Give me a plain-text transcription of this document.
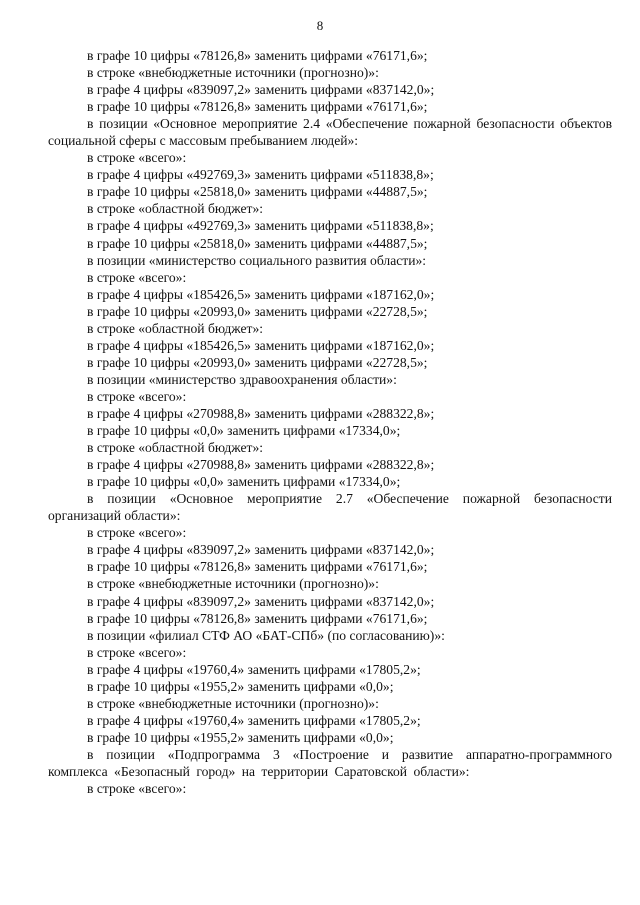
8

в графе 10 цифры «78126,8» заменить цифрами «76171,6»;

в строке «внебюджетные источники (прогнозно)»:

в графе 4 цифры «839097,2» заменить цифрами «837142,0»;

в графе 10 цифры «78126,8» заменить цифрами «76171,6»;

в позиции «Основное мероприятие 2.4 «Обеспечение пожарной безопасности объектов социальной сферы с массовым пребыванием людей»:

в строке «всего»:

в графе 4 цифры «492769,3» заменить цифрами «511838,8»;

в графе 10 цифры «25818,0» заменить цифрами «44887,5»;

в строке «областной бюджет»:

в графе 4 цифры «492769,3» заменить цифрами «511838,8»;

в графе 10 цифры «25818,0» заменить цифрами «44887,5»;

в позиции «министерство социального развития области»:

в строке «всего»:

в графе 4 цифры «185426,5» заменить цифрами «187162,0»;

в графе 10 цифры «20993,0» заменить цифрами «22728,5»;

в строке «областной бюджет»:

в графе 4 цифры «185426,5» заменить цифрами «187162,0»;

в графе 10 цифры «20993,0» заменить цифрами «22728,5»;

в позиции «министерство здравоохранения области»:

в строке «всего»:

в графе 4 цифры «270988,8» заменить цифрами «288322,8»;

в графе 10 цифры «0,0» заменить цифрами «17334,0»;

в строке «областной бюджет»:

в графе 4 цифры «270988,8» заменить цифрами «288322,8»;

в графе 10 цифры «0,0» заменить цифрами «17334,0»;

в позиции «Основное мероприятие 2.7 «Обеспечение пожарной безопасности организаций области»:

в строке «всего»:

в графе 4 цифры «839097,2» заменить цифрами «837142,0»;

в графе 10 цифры «78126,8» заменить цифрами «76171,6»;

в строке «внебюджетные источники (прогнозно)»:

в графе 4 цифры «839097,2» заменить цифрами «837142,0»;

в графе 10 цифры «78126,8» заменить цифрами «76171,6»;

в позиции «филиал СТФ АО «БАТ-СПб» (по согласованию)»:

в строке «всего»:

в графе 4 цифры «19760,4» заменить цифрами «17805,2»;

в графе 10 цифры «1955,2» заменить цифрами «0,0»;

в строке «внебюджетные источники (прогнозно)»:

в графе 4 цифры «19760,4» заменить цифрами «17805,2»;

в графе 10 цифры «1955,2» заменить цифрами «0,0»;

в позиции «Подпрограмма 3 «Построение и развитие аппаратно-программного комплекса «Безопасный город» на территории Саратовской области»:

в строке «всего»:
